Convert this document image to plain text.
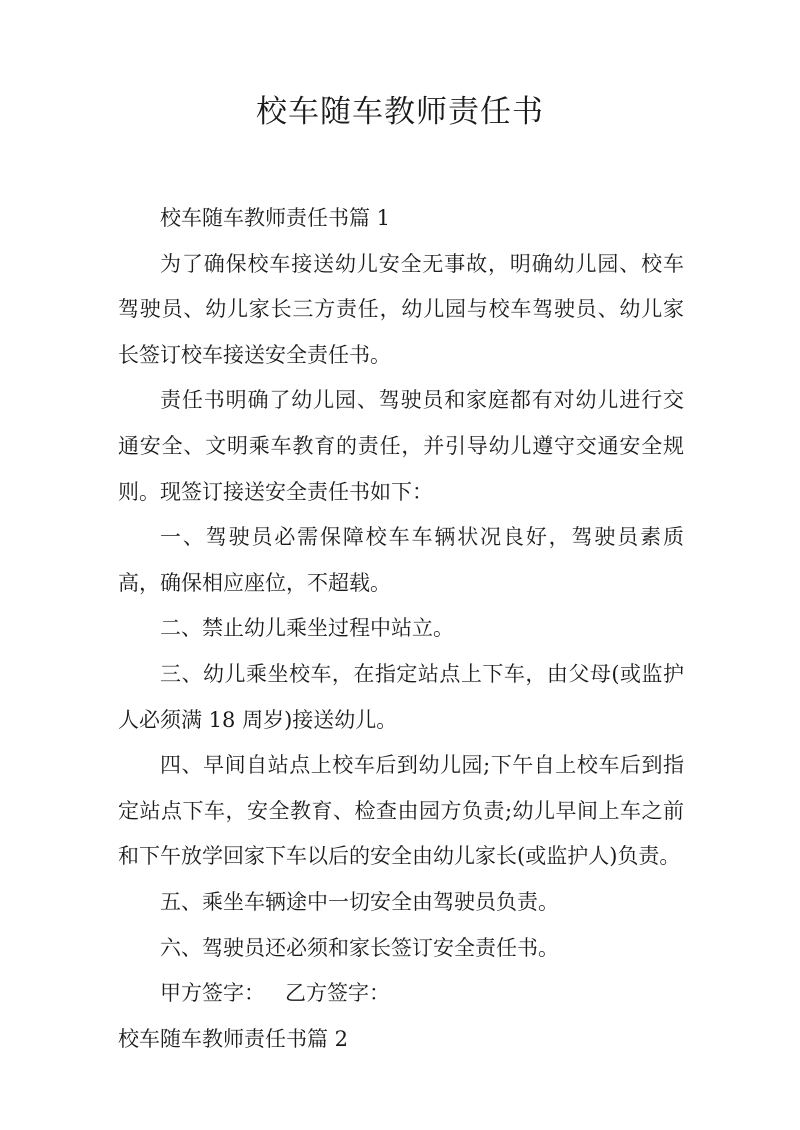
校车随车教师责任书

校车随车教师责任书篇 1

为了确保校车接送幼儿安全无事故，明确幼儿园、校车驾驶员、幼儿家长三方责任，幼儿园与校车驾驶员、幼儿家长签订校车接送安全责任书。

责任书明确了幼儿园、驾驶员和家庭都有对幼儿进行交通安全、文明乘车教育的责任，并引导幼儿遵守交通安全规则。现签订接送安全责任书如下：

一、驾驶员必需保障校车车辆状况良好，驾驶员素质高，确保相应座位，不超载。

二、禁止幼儿乘坐过程中站立。

三、幼儿乘坐校车，在指定站点上下车，由父母(或监护人必须满 18 周岁)接送幼儿。

四、早间自站点上校车后到幼儿园;下午自上校车后到指定站点下车，安全教育、检查由园方负责;幼儿早间上车之前和下午放学回家下车以后的安全由幼儿家长(或监护人)负责。

五、乘坐车辆途中一切安全由驾驶员负责。

六、驾驶员还必须和家长签订安全责任书。

甲方签字：   乙方签字：

校车随车教师责任书篇 2
